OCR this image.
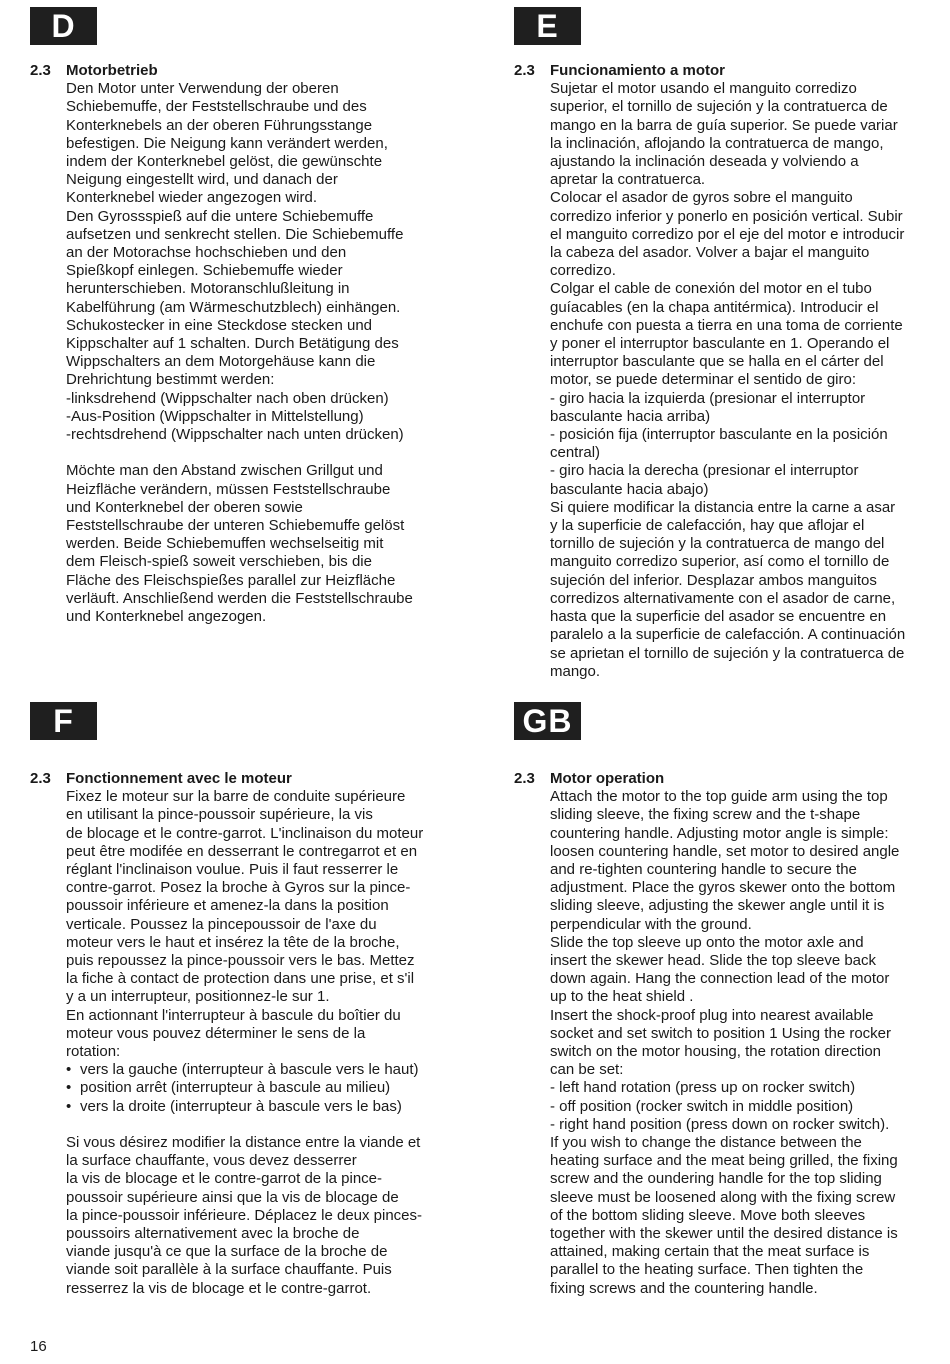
D	E
F	GB
2.3	Motorbetrieb

Den Motor unter Verwendung der oberen
Schiebemuffe, der Feststellschraube und des
Konterknebels an der oberen Führungsstange
befestigen. Die Neigung kann verändert werden,
indem der Konterknebel gelöst, die gewünschte
Neigung eingestellt wird, und danach der
Konterknebel wieder angezogen wird.
Den Gyrossspieß auf die untere Schiebemuffe
aufsetzen und senkrecht stellen. Die Schiebemuffe
an der Motorachse hochschieben und den
Spießkopf einlegen. Schiebemuffe wieder
herunterschieben. Motoranschlußleitung in
Kabelführung (am Wärmeschutzblech) einhängen.
Schukostecker in eine Steckdose stecken und
Kippschalter auf 1 schalten. Durch Betätigung des
Wippschalters an dem Motorgehäuse kann die
Drehrichtung bestimmt werden:
-linksdrehend (Wippschalter nach oben drücken)
-Aus-Position (Wippschalter in Mittelstellung)
-rechtsdrehend (Wippschalter nach unten drücken)

Möchte man den Abstand zwischen Grillgut und
Heizfläche verändern, müssen Feststellschraube
und Konterknebel der oberen sowie
Feststellschraube der unteren Schiebemuffe gelöst
werden. Beide Schiebemuffen wechselseitig mit
dem Fleisch-spieß soweit verschieben, bis die
Fläche des Fleischspießes parallel zur Heizfläche
verläuft. Anschließend werden die Feststellschraube
und Konterknebel angezogen.

2.3	Funcionamiento a motor

Sujetar el motor usando el manguito corredizo
superior, el tornillo de sujeción y la contratuerca de
mango en la barra de guía superior. Se puede variar
la inclinación, aflojando la contratuerca de mango,
ajustando la inclinación deseada y volviendo a
apretar la contratuerca.
Colocar el asador de gyros sobre el manguito
corredizo inferior y ponerlo en posición vertical. Subir
el manguito corredizo por el eje del motor e introducir
la cabeza del asador. Volver a bajar el manguito
corredizo.
Colgar el cable de conexión del motor en el tubo
guíacables (en la chapa antitérmica). Introducir el
enchufe con puesta a tierra en una toma de corriente
y poner el interruptor basculante en 1. Operando el
interruptor basculante que se halla en el cárter del
motor, se puede determinar el sentido de giro:
- giro hacia la izquierda (presionar el interruptor
basculante hacia arriba)
- posición fija (interruptor basculante en la posición
central)
- giro hacia la derecha (presionar el interruptor
basculante hacia abajo)
Si quiere modificar la distancia entre la carne a asar
y la superficie de calefacción, hay que aflojar el
tornillo de sujeción y la contratuerca de mango del
manguito corredizo superior, así como el tornillo de
sujeción del inferior. Desplazar ambos manguitos
corredizos alternativamente con el asador de carne,
hasta que la superficie del asador se encuentre en
paralelo a la superficie de calefacción. A continuación
se aprietan el tornillo de sujeción y la contratuerca de
mango.

2.3	Fonctionnement avec le moteur

Fixez le moteur sur la barre de conduite supérieure
en utilisant la pince-poussoir supérieure, la vis
de blocage et le contre-garrot. L'inclinaison du moteur
peut être modifée en desserrant le contregarrot et en
réglant l'inclinaison voulue. Puis il faut resserrer le
contre-garrot. Posez la broche à Gyros sur la pince-
poussoir inférieure et amenez-la dans la position
verticale. Poussez la pincepoussoir de l'axe du
moteur vers le haut et insérez la tête de la broche,
puis repoussez la pince-poussoir vers le bas. Mettez
la fiche à contact de protection dans une prise, et s'il
y a un interrupteur, positionnez-le sur 1.
En actionnant l'interrupteur à bascule du boîtier du
moteur vous pouvez déterminer le sens de la
rotation:

• vers la gauche (interrupteur à bascule vers le haut)
• position arrêt (interrupteur à bascule au milieu)
• vers la droite (interrupteur à bascule vers le bas)

Si vous désirez modifier la distance entre la viande et
la surface chauffante, vous devez desserrer
la vis de blocage et le contre-garrot de la pince-
poussoir supérieure ainsi que la vis de blocage de
la pince-poussoir inférieure. Déplacez le deux pinces-
poussoirs alternativement avec la broche de
viande jusqu'à ce que la surface de la broche de
viande soit parallèle à la surface chauffante. Puis
resserrez la vis de blocage et le contre-garrot.

2.3	Motor operation

Attach the motor to the top guide arm using the top
sliding sleeve, the fixing screw and the t-shape
countering handle. Adjusting motor angle is simple:
loosen countering handle, set motor to desired angle
and re-tighten countering handle to secure the
adjustment. Place the gyros skewer onto the bottom
sliding sleeve, adjusting the skewer angle until it is
perpendicular with the ground.
Slide the top sleeve up onto the motor axle and
insert the skewer head. Slide the top sleeve back
down again. Hang the connection lead of the motor
up to the heat shield .
Insert the shock-proof plug into nearest available
socket and set switch to position 1 Using the rocker
switch on the motor housing, the rotation direction
can be set:
- left hand rotation (press up on rocker switch)
- off position (rocker switch in middle position)
- right hand position (press down on rocker switch).
If you wish to change the distance between the
heating surface and the meat being grilled, the fixing
screw and the oundering handle for the top sliding
sleeve must be loosened along with the fixing screw
of the bottom sliding sleeve. Move both sleeves
together with the skewer until the desired distance is
attained, making certain that the meat surface is
parallel to the heating surface. Then tighten the
fixing screws and the countering handle.

16
